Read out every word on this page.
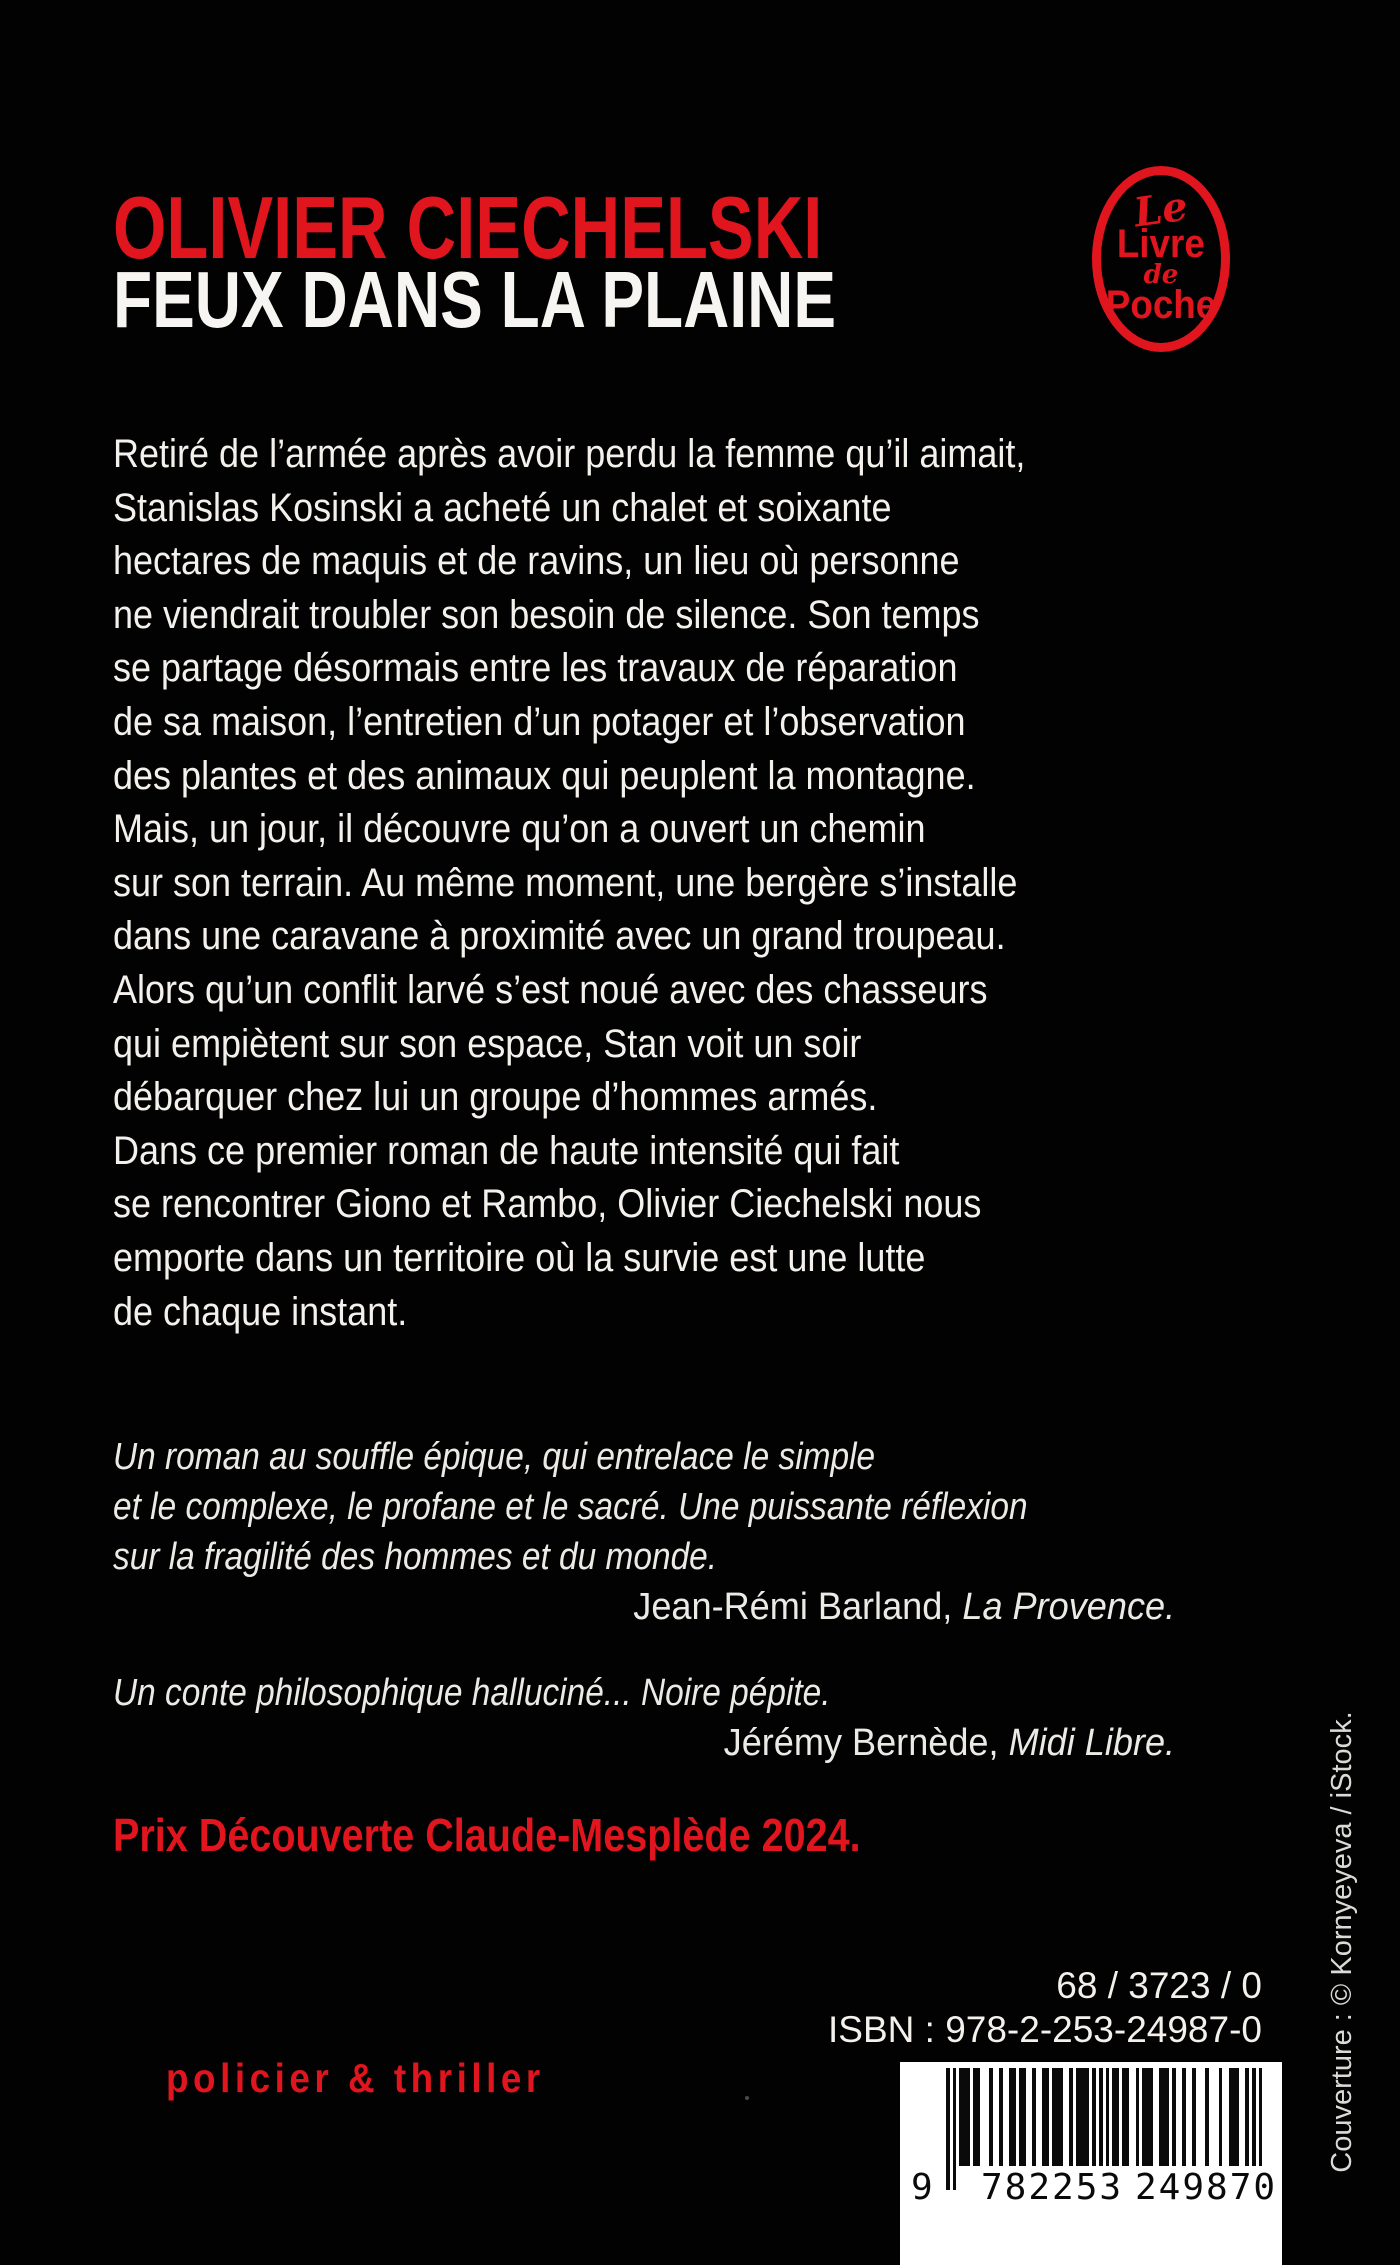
OLIVIER CIECHELSKI
FEUX DANS LA PLAINE
Le
Livre
de
Poche
Retiré de l’armée après avoir perdu la femme qu’il aimait,
Stanislas Kosinski a acheté un chalet et soixante
hectares de maquis et de ravins, un lieu où personne
ne viendrait troubler son besoin de silence. Son temps
se partage désormais entre les travaux de réparation
de sa maison, l’entretien d’un potager et l’observation
des plantes et des animaux qui peuplent la montagne.
Mais, un jour, il découvre qu’on a ouvert un chemin
sur son terrain. Au même moment, une bergère s’installe
dans une caravane à proximité avec un grand troupeau.
Alors qu’un conflit larvé s’est noué avec des chasseurs
qui empiètent sur son espace, Stan voit un soir
débarquer chez lui un groupe d’hommes armés.
Dans ce premier roman de haute intensité qui fait
se rencontrer Giono et Rambo, Olivier Ciechelski nous
emporte dans un territoire où la survie est une lutte
de chaque instant.
Un roman au souffle épique, qui entrelace le simple
et le complexe, le profane et le sacré. Une puissante réflexion
sur la fragilité des hommes et du monde.
Jean-Rémi Barland, La Provence.
Un conte philosophique halluciné... Noire pépite.
Jérémy Bernède, Midi Libre.
Prix Découverte Claude-Mesplède 2024.
68 / 3723 / 0
ISBN : 978-2-253-24987-0
policier & thriller
9 782253 249870
Couverture : © Kornyeyeva / iStock.
